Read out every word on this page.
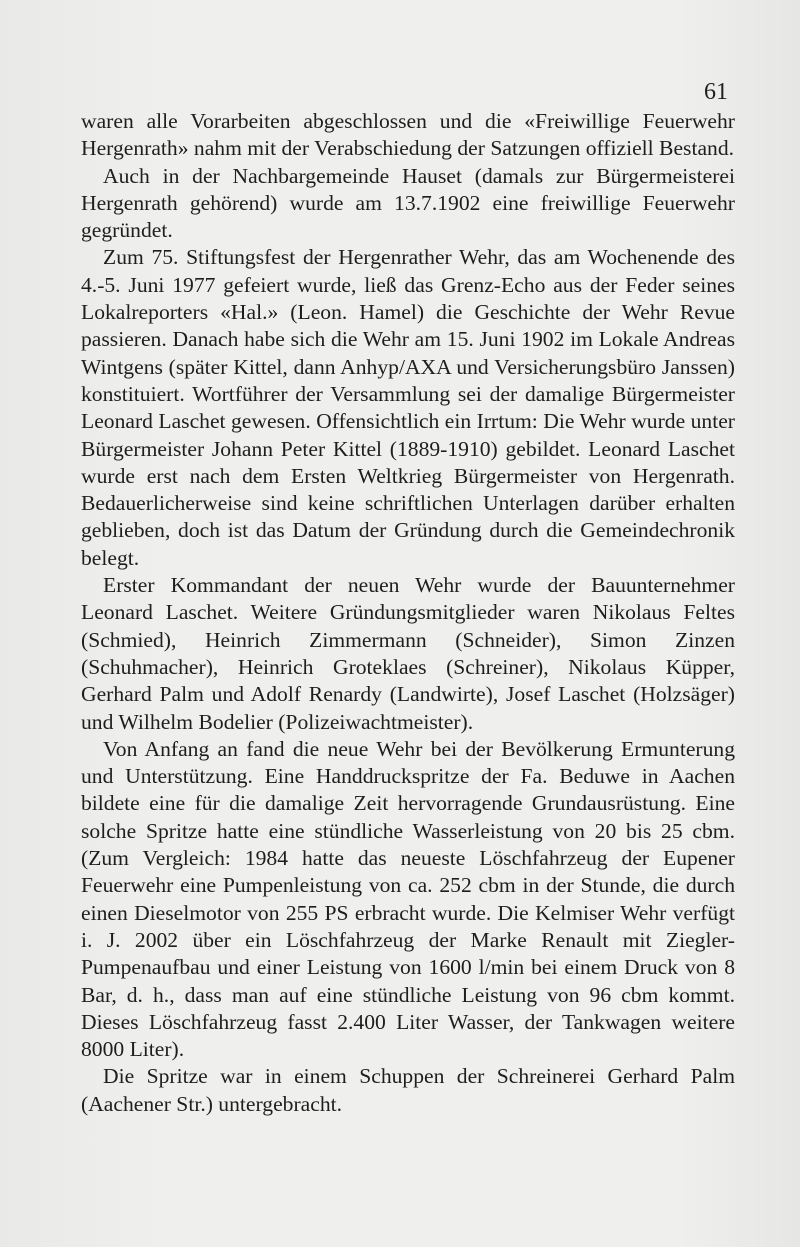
61

waren alle Vorarbeiten abgeschlossen und die «Freiwillige Feuerwehr Hergenrath» nahm mit der Verabschiedung der Satzungen offiziell Bestand.

Auch in der Nachbargemeinde Hauset (damals zur Bürgermeisterei Hergenrath gehörend) wurde am 13.7.1902 eine freiwillige Feuerwehr gegründet.

Zum 75. Stiftungsfest der Hergenrather Wehr, das am Wochenende des 4.-5. Juni 1977 gefeiert wurde, ließ das Grenz-Echo aus der Feder seines Lokalreporters «Hal.» (Leon. Hamel) die Geschichte der Wehr Revue passieren. Danach habe sich die Wehr am 15. Juni 1902 im Lokale Andreas Wintgens (später Kittel, dann Anhyp/AXA und Versicherungsbüro Janssen) konstituiert. Wortführer der Versammlung sei der damalige Bürgermeister Leonard Laschet gewesen. Offensichtlich ein Irrtum: Die Wehr wurde unter Bürgermeister Johann Peter Kittel (1889-1910) gebildet. Leonard Laschet wurde erst nach dem Ersten Weltkrieg Bürgermeister von Hergenrath. Bedauerlicherweise sind keine schriftlichen Unterlagen darüber erhalten geblieben, doch ist das Datum der Gründung durch die Gemeindechronik belegt.

Erster Kommandant der neuen Wehr wurde der Bauunternehmer Leonard Laschet. Weitere Gründungsmitglieder waren Nikolaus Feltes (Schmied), Heinrich Zimmermann (Schneider), Simon Zinzen (Schuhmacher), Heinrich Groteklaes (Schreiner), Nikolaus Küpper, Gerhard Palm und Adolf Renardy (Landwirte), Josef Laschet (Holzsäger) und Wilhelm Bodelier (Polizeiwachtmeister).

Von Anfang an fand die neue Wehr bei der Bevölkerung Ermunterung und Unterstützung. Eine Handdruckspritze der Fa. Beduwe in Aachen bildete eine für die damalige Zeit hervorragende Grundausrüstung. Eine solche Spritze hatte eine stündliche Wasserleistung von 20 bis 25 cbm. (Zum Vergleich: 1984 hatte das neueste Löschfahrzeug der Eupener Feuerwehr eine Pumpenleistung von ca. 252 cbm in der Stunde, die durch einen Dieselmotor von 255 PS erbracht wurde. Die Kelmiser Wehr verfügt i. J. 2002 über ein Löschfahrzeug der Marke Renault mit Ziegler-Pumpenaufbau und einer Leistung von 1600 l/min bei einem Druck von 8 Bar, d. h., dass man auf eine stündliche Leistung von 96 cbm kommt. Dieses Löschfahrzeug fasst 2.400 Liter Wasser, der Tankwagen weitere 8000 Liter).

Die Spritze war in einem Schuppen der Schreinerei Gerhard Palm (Aachener Str.) untergebracht.
